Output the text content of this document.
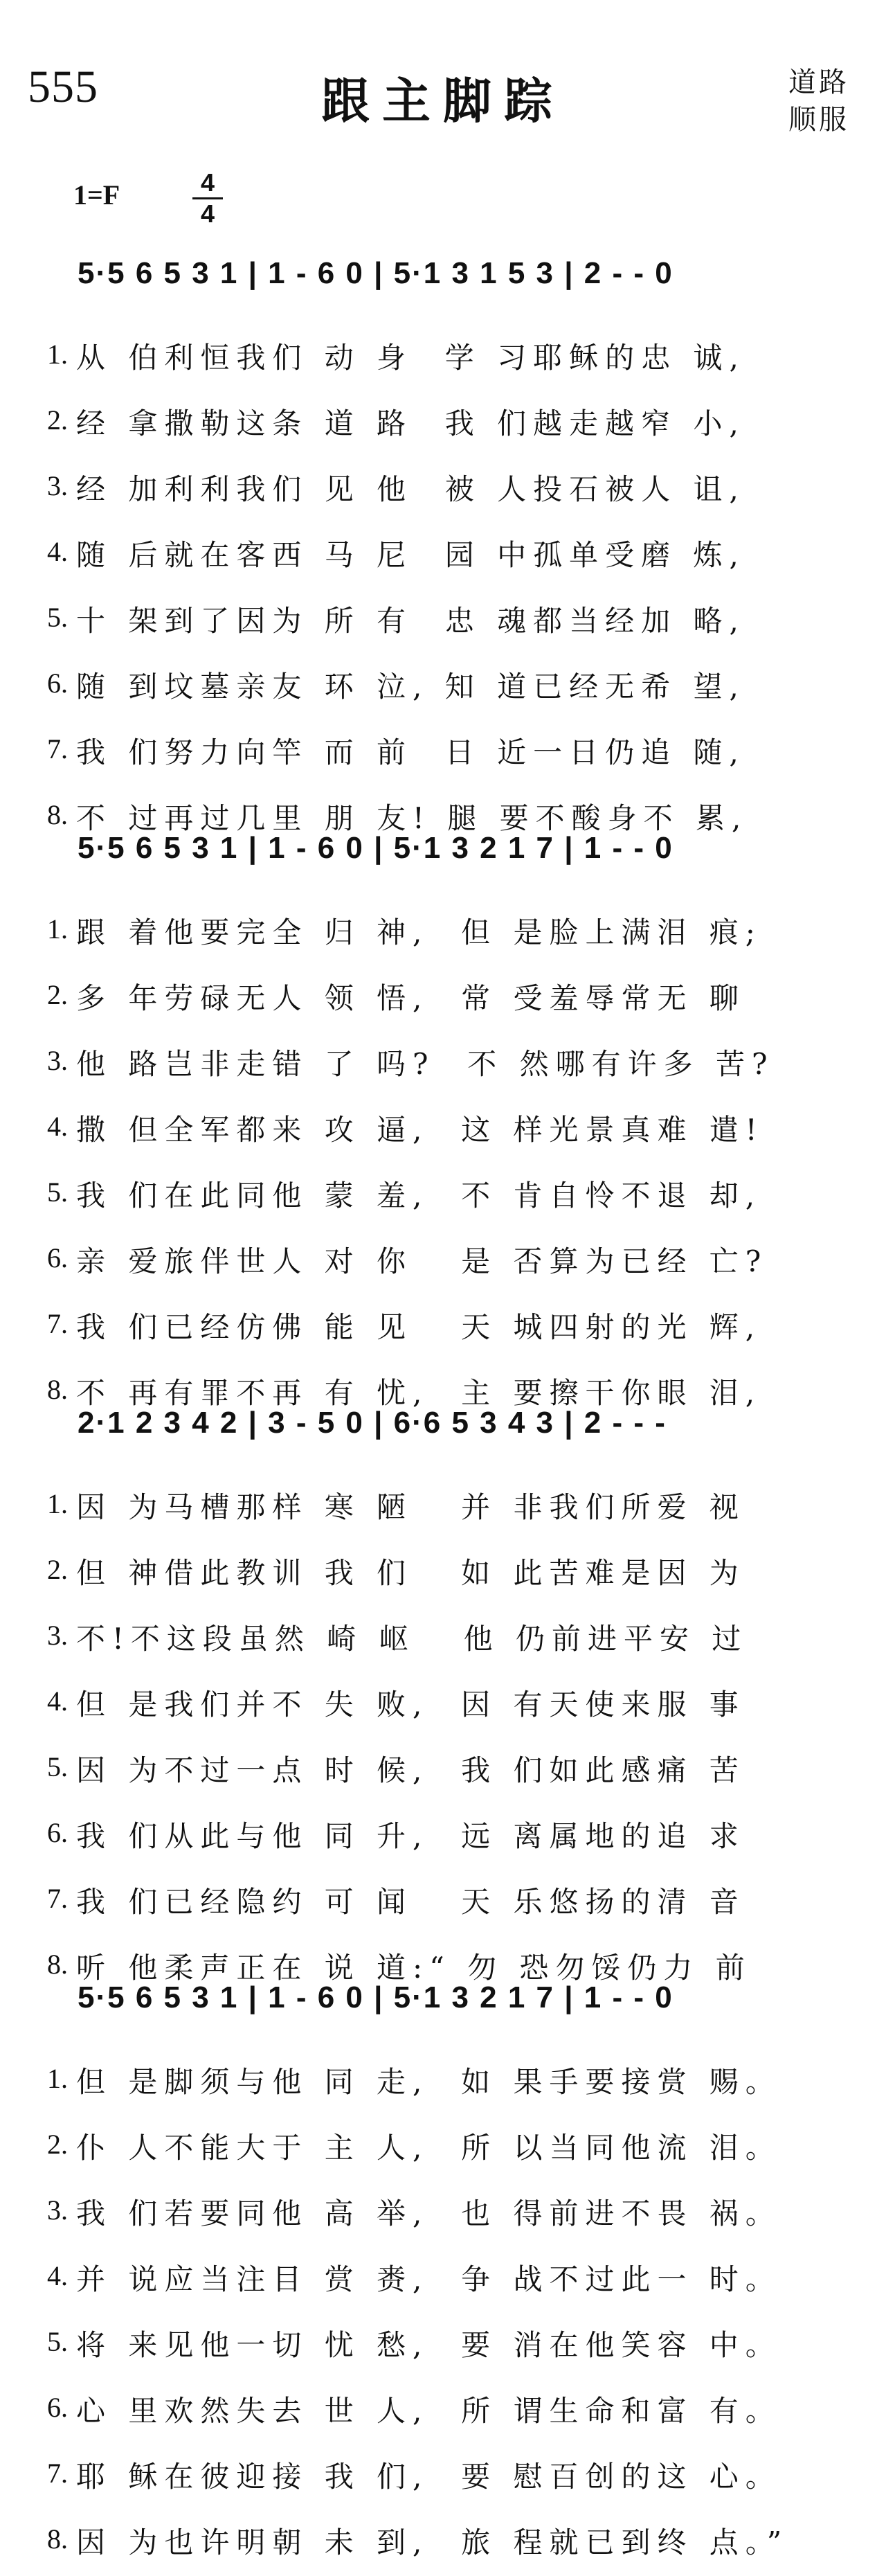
555	跟主脚踪	道路
顺服
1=F	4
4
5·5 6 5 3 1 | 1 - 6 0 | 5·1 3 1 5 3 | 2 - - 0
1. 从 伯利恒我们 动 身  学 习耶稣的忠 诚,
2. 经 拿撒勒这条 道 路  我 们越走越窄 小,
3. 经 加利利我们 见 他  被 人投石被人 诅,
4. 随 后就在客西 马 尼  园 中孤单受磨 炼,
5. 十 架到了因为 所 有  忠 魂都当经加 略,
6. 随 到坟墓亲友 环 泣, 知 道已经无希 望,
7. 我 们努力向竿 而 前  日 近一日仍追 随,
8. 不 过再过几里 朋 友! 腿 要不酸身不 累,
5·5 6 5 3 1 | 1 - 6 0 | 5·1 3 2 1 7 | 1 - - 0
1. 跟 着他要完全 归 神,  但 是脸上满泪 痕;
2. 多 年劳碌无人 领 悟,  常 受羞辱常无 聊
3. 他 路岂非走错 了 吗?  不 然哪有许多 苦?
4. 撒 但全军都来 攻 逼,  这 样光景真难 遣!
5. 我 们在此同他 蒙 羞,  不 肯自怜不退 却,
6. 亲 爱旅伴世人 对 你   是 否算为已经 亡?
7. 我 们已经仿佛 能 见   天 城四射的光 辉,
8. 不 再有罪不再 有 忧,  主 要擦干你眼 泪,
2·1 2 3 4 2 | 3 - 5 0 | 6·6 5 3 4 3 | 2 - - -
1. 因 为马槽那样 寒 陋   并 非我们所爱 视
2. 但 神借此教训 我 们   如 此苦难是因 为
3. 不!不这段虽然 崎 岖   他 仍前进平安 过
4. 但 是我们并不 失 败,  因 有天使来服 事
5. 因 为不过一点 时 候,  我 们如此感痛 苦
6. 我 们从此与他 同 升,  远 离属地的追 求
7. 我 们已经隐约 可 闻   天 乐悠扬的清 音
8. 听 他柔声正在 说 道:“ 勿 恐勿馁仍力 前
5·5 6 5 3 1 | 1 - 6 0 | 5·1 3 2 1 7 | 1 - - 0
1. 但 是脚须与他 同 走,  如 果手要接赏 赐。
2. 仆 人不能大于 主 人,  所 以当同他流 泪。
3. 我 们若要同他 高 举,  也 得前进不畏 祸。
4. 并 说应当注目 赏 赉,  争 战不过此一 时。
5. 将 来见他一切 忧 愁,  要 消在他笑容 中。
6. 心 里欢然失去 世 人,  所 谓生命和富 有。
7. 耶 稣在彼迎接 我 们,  要 慰百创的这 心。
8. 因 为也许明朝 未 到,  旅 程就已到终 点。”
